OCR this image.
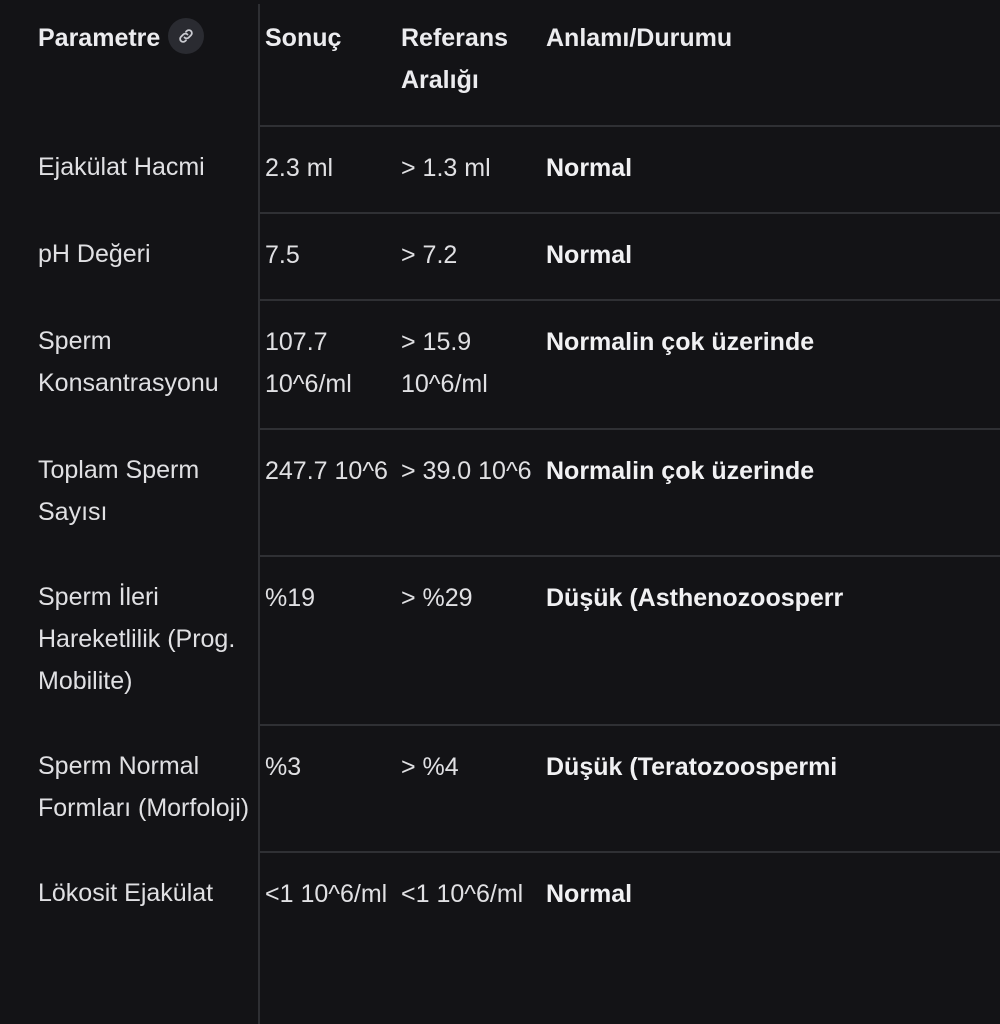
Parametre	Sonuç	Referans Aralığı	Anlamı/Durumu
Ejakülat Hacmi	2.3 ml	> 1.3 ml	Normal
pH Değeri	7.5	> 7.2	Normal
Sperm Konsantrasyonu	107.7 10^6/ml	> 15.9 10^6/ml	Normalin çok üzerinde
Toplam Sperm Sayısı	247.7 10^6	> 39.0 10^6	Normalin çok üzerinde
Sperm İleri Hareketlilik (Prog. Mobilite)	%19	> %29	Düşük (Asthenozoosperr
Sperm Normal Formları (Morfoloji)	%3	> %4	Düşük (Teratozoospermi
Lökosit Ejakülat	<1 10^6/ml	<1 10^6/ml	Normal
